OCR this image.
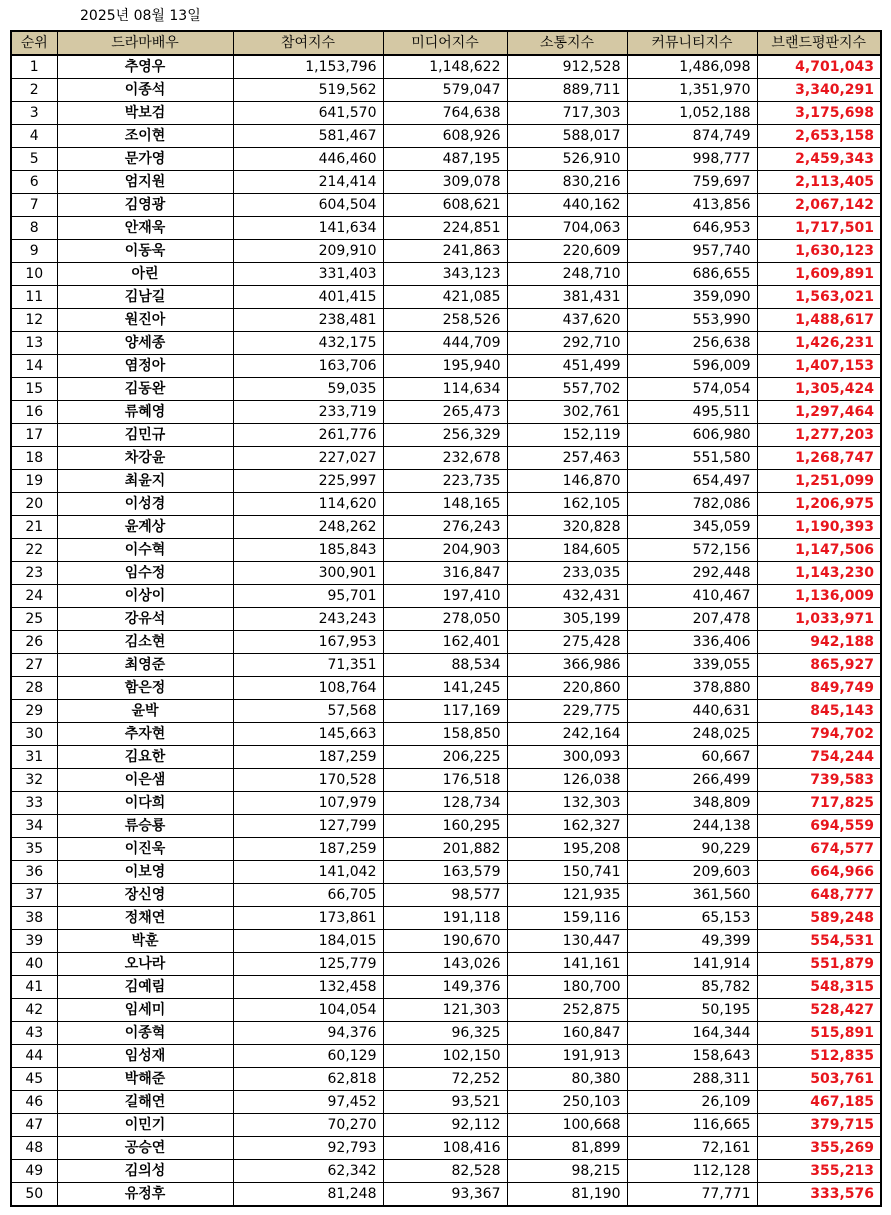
2025년 08월 13일
순위	드라마배우	참여지수	미디어지수	소통지수	커뮤니티지수	브랜드평판지수
1	추영우	1,153,796	1,148,622	912,528	1,486,098	4,701,043
2	이종석	519,562	579,047	889,711	1,351,970	3,340,291
3	박보검	641,570	764,638	717,303	1,052,188	3,175,698
4	조이현	581,467	608,926	588,017	874,749	2,653,158
5	문가영	446,460	487,195	526,910	998,777	2,459,343
6	엄지원	214,414	309,078	830,216	759,697	2,113,405
7	김영광	604,504	608,621	440,162	413,856	2,067,142
8	안재욱	141,634	224,851	704,063	646,953	1,717,501
9	이동욱	209,910	241,863	220,609	957,740	1,630,123
10	아린	331,403	343,123	248,710	686,655	1,609,891
11	김남길	401,415	421,085	381,431	359,090	1,563,021
12	원진아	238,481	258,526	437,620	553,990	1,488,617
13	양세종	432,175	444,709	292,710	256,638	1,426,231
14	염정아	163,706	195,940	451,499	596,009	1,407,153
15	김동완	59,035	114,634	557,702	574,054	1,305,424
16	류혜영	233,719	265,473	302,761	495,511	1,297,464
17	김민규	261,776	256,329	152,119	606,980	1,277,203
18	차강윤	227,027	232,678	257,463	551,580	1,268,747
19	최윤지	225,997	223,735	146,870	654,497	1,251,099
20	이성경	114,620	148,165	162,105	782,086	1,206,975
21	윤계상	248,262	276,243	320,828	345,059	1,190,393
22	이수혁	185,843	204,903	184,605	572,156	1,147,506
23	임수정	300,901	316,847	233,035	292,448	1,143,230
24	이상이	95,701	197,410	432,431	410,467	1,136,009
25	강유석	243,243	278,050	305,199	207,478	1,033,971
26	김소현	167,953	162,401	275,428	336,406	942,188
27	최영준	71,351	88,534	366,986	339,055	865,927
28	함은정	108,764	141,245	220,860	378,880	849,749
29	윤박	57,568	117,169	229,775	440,631	845,143
30	추자현	145,663	158,850	242,164	248,025	794,702
31	김요한	187,259	206,225	300,093	60,667	754,244
32	이은샘	170,528	176,518	126,038	266,499	739,583
33	이다희	107,979	128,734	132,303	348,809	717,825
34	류승룡	127,799	160,295	162,327	244,138	694,559
35	이진욱	187,259	201,882	195,208	90,229	674,577
36	이보영	141,042	163,579	150,741	209,603	664,966
37	장신영	66,705	98,577	121,935	361,560	648,777
38	정채연	173,861	191,118	159,116	65,153	589,248
39	박훈	184,015	190,670	130,447	49,399	554,531
40	오나라	125,779	143,026	141,161	141,914	551,879
41	김예림	132,458	149,376	180,700	85,782	548,315
42	임세미	104,054	121,303	252,875	50,195	528,427
43	이종혁	94,376	96,325	160,847	164,344	515,891
44	임성재	60,129	102,150	191,913	158,643	512,835
45	박해준	62,818	72,252	80,380	288,311	503,761
46	길해연	97,452	93,521	250,103	26,109	467,185
47	이민기	70,270	92,112	100,668	116,665	379,715
48	공승연	92,793	108,416	81,899	72,161	355,269
49	김의성	62,342	82,528	98,215	112,128	355,213
50	유정후	81,248	93,367	81,190	77,771	333,576
